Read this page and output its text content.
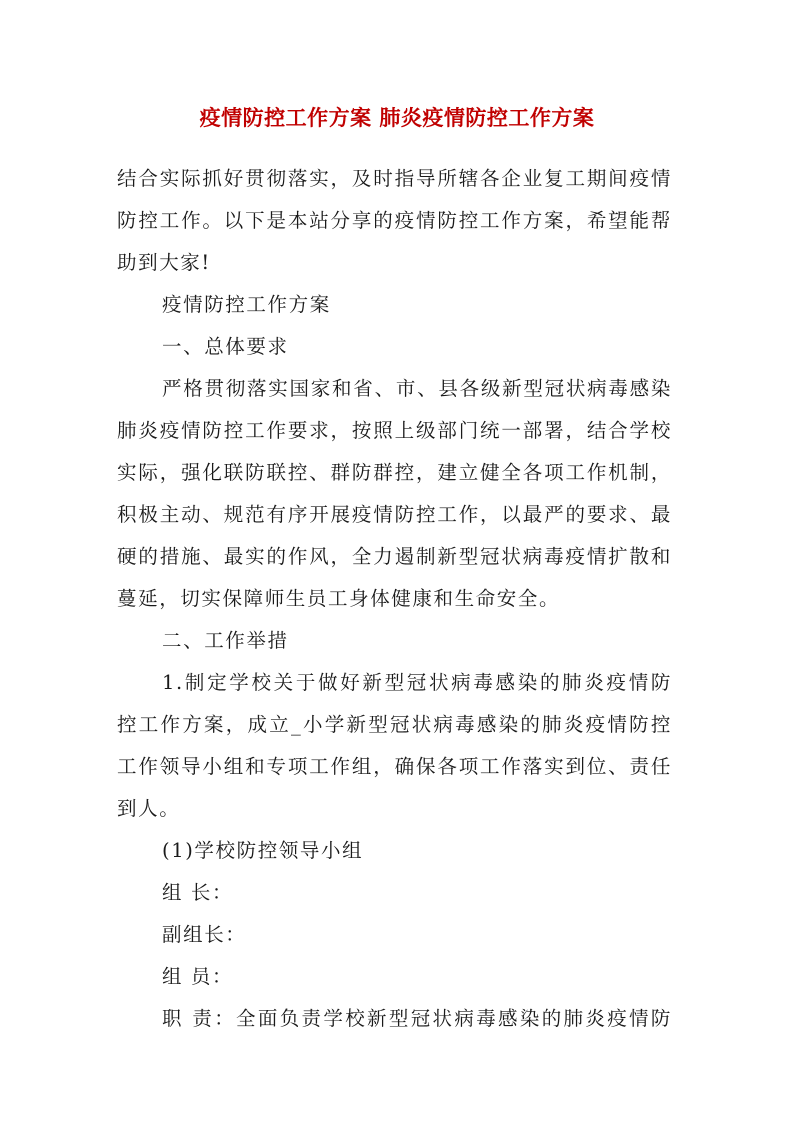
疫情防控工作方案 肺炎疫情防控工作方案
结合实际抓好贯彻落实，及时指导所辖各企业复工期间疫情
防控工作。以下是本站分享的疫情防控工作方案，希望能帮
助到大家!
疫情防控工作方案
一、总体要求
严格贯彻落实国家和省、市、县各级新型冠状病毒感染
肺炎疫情防控工作要求，按照上级部门统一部署，结合学校
实际，强化联防联控、群防群控，建立健全各项工作机制，
积极主动、规范有序开展疫情防控工作，以最严的要求、最
硬的措施、最实的作风，全力遏制新型冠状病毒疫情扩散和
蔓延，切实保障师生员工身体健康和生命安全。
二、工作举措
1.制定学校关于做好新型冠状病毒感染的肺炎疫情防
控工作方案，成立_小学新型冠状病毒感染的肺炎疫情防控
工作领导小组和专项工作组，确保各项工作落实到位、责任
到人。
(1)学校防控领导小组
组 长：
副组长：
组 员：
职 责：全面负责学校新型冠状病毒感染的肺炎疫情防
